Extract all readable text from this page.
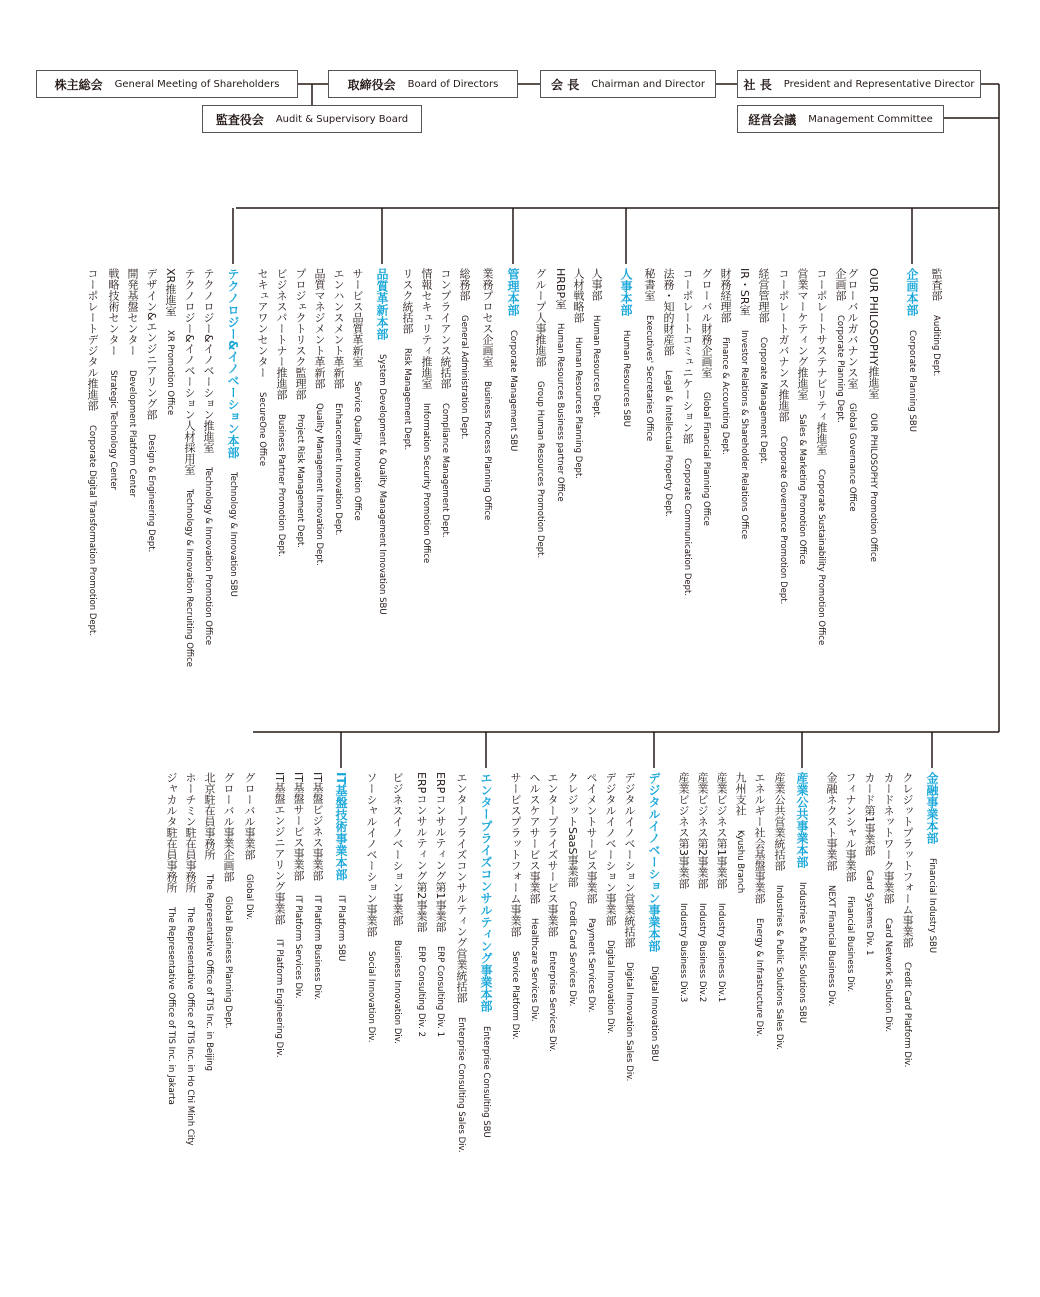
株主総会 General Meeting of Shareholders	取締役会 Board of Directors	会 長 Chairman and Director	社 長 President and Representative Director
監査役会 Audit & Supervisory Board	経営会議 Management Committee
監査部Auditing Dept.
企画本部Corporate Planning SBU
OUR PHILOSOPHY推進室OUR PHILOSOPHY Promotion Office
グローバルガバナンス室Global Governance Office
企画部Corporate Planning Dept.
コーポレートサステナビリティ推進室Corporate Sustainability Promotion Office
営業マーケティング推進室Sales & Marketing Promotion Office
コーポレートガバナンス推進部Corporate Governance Promotion Dept.
経営管理部Corporate Management Dept.
IR・SR室Investor Relations & Shareholder Relations Office
財務経理部Finance & Accounting Dept.
グローバル財務企画室Global Financial Planning Office
コーポレートコミュニケーション部Corporate Communication Dept.
法務・知的財産部Legal & Intellectual Property Dept.
秘書室Executives' Secretaries Office
人事本部Human Resources SBU
人事部Human Resources Dept.
人材戦略部Human Resources Planning Dept.
HRBP室Human Resources Business partner Office
グループ人事推進部Group Human Resources Promotion Dept.
管理本部Corporate Management SBU
業務プロセス企画室Business Process Planning Office
総務部General Administration Dept.
コンプライアンス統括部Compliance Management Dept.
情報セキュリティ推進室Information Security Promotion Office
リスク統括部Risk Management Dept.
品質革新本部System Development & Quality Management Innovation SBU
サービス品質革新室Service Quality Innovation Office
エンハンスメント革新部Enhancement Innovation Dept.
品質マネジメント革新部Quality Management Innovation Dept.
プロジェクトリスク監理部Project Risk Management Dept.
ビジネスパートナー推進部Business Partner Promotion Dept.
セキュアワンセンターSecureOne Office
テクノロジー&イノベーション本部Technology & Innovation SBU
テクノロジー&イノベーション推進室Technology & Innovation Promotion Office
テクノロジー&イノベーション人材採用室Technology & Innovation Recruiting Office
XR推進室XR Promotion Office
デザイン&エンジニアリング部Design & Engineering Dept.
開発基盤センターDevelopment Platform Center
戦略技術センターStrategic Technology Center
コーポレートデジタル推進部Corporate Digital Transformation Promotion Dept.
金融事業本部Financial Industry SBU
クレジットプラットフォーム事業部Credit Card Platform Div.
カードネットワーク事業部Card Network Solution Div.
カード第1事業部Card Systems Div. 1
フィナンシャル事業部Financial Business Div.
金融ネクスト事業部NEXT Financial Business Div.
産業公共事業本部Industries & Public Solutions SBU
産業公共営業統括部Industries & Public Solutions Sales Div.
エネルギー社会基盤事業部Energy & Infrastructure Div.
九州支社Kyushu Branch
産業ビジネス第1事業部Industry Business Div.1
産業ビジネス第2事業部Industry Business Div.2
産業ビジネス第3事業部Industry Business Div.3
デジタルイノベーション事業本部Digital Innovation SBU
デジタルイノベーション営業統括部Digital Innovation Sales Div.
デジタルイノベーション事業部Digital Innovation Div.
ペイメントサービス事業部Payment Services Div.
クレジットSaaS事業部Credit Card Services Div.
エンタープライズサービス事業部Enterprise Services Div.
ヘルスケアサービス事業部Healthcare Services Div.
サービスプラットフォーム事業部Service Platform Div.
エンタープライズコンサルティング事業本部Enterprise Consulting SBU
エンタープライズコンサルティング営業統括部Enterprise Consulting Sales Div.
ERPコンサルティング第1事業部ERP Consulting Div. 1
ERPコンサルティング第2事業部ERP Consulting Div. 2
ビジネスイノベーション事業部Business Innovation Div.
ソーシャルイノベーション事業部Social Innovation Div.
IT基盤技術事業本部IT Platform SBU
IT基盤ビジネス事業部IT Platform Business Div.
IT基盤サービス事業部IT Platform Services Div.
IT基盤エンジニアリング事業部IT Platform Engineering Div.
グローバル事業部Global Div.
グローバル事業企画部Global Business Planning Dept.
北京駐在員事務所The Representative Office of TIS Inc. in Beijing
ホーチミン駐在員事務所The Representative Office of TIS Inc. in Ho Chi Minh City
ジャカルタ駐在員事務所The Representative Office of TIS Inc. in Jakarta
